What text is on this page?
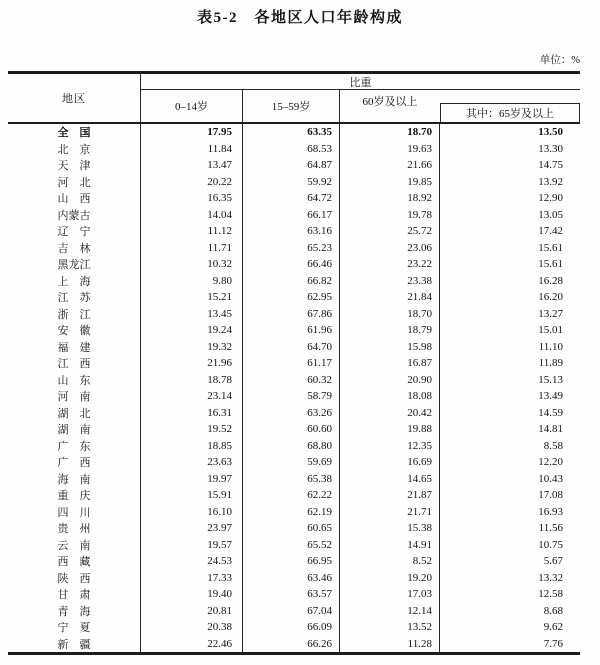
表5-2　各地区人口年龄构成
单位：%
地区
比重
0–14岁	15–59岁	60岁及以上
其中：65岁及以上
全　国	17.95	63.35	18.70	13.50
北　京	11.84	68.53	19.63	13.30
天　津	13.47	64.87	21.66	14.75
河　北	20.22	59.92	19.85	13.92
山　西	16.35	64.72	18.92	12.90
内蒙古	14.04	66.17	19.78	13.05
辽　宁	11.12	63.16	25.72	17.42
吉　林	11.71	65.23	23.06	15.61
黑龙江	10.32	66.46	23.22	15.61
上　海	9.80	66.82	23.38	16.28
江　苏	15.21	62.95	21.84	16.20
浙　江	13.45	67.86	18.70	13.27
安　徽	19.24	61.96	18.79	15.01
福　建	19.32	64.70	15.98	11.10
江　西	21.96	61.17	16.87	11.89
山　东	18.78	60.32	20.90	15.13
河　南	23.14	58.79	18.08	13.49
湖　北	16.31	63.26	20.42	14.59
湖　南	19.52	60.60	19.88	14.81
广　东	18.85	68.80	12.35	8.58
广　西	23.63	59.69	16.69	12.20
海　南	19.97	65.38	14.65	10.43
重　庆	15.91	62.22	21.87	17.08
四　川	16.10	62.19	21.71	16.93
贵　州	23.97	60.65	15.38	11.56
云　南	19.57	65.52	14.91	10.75
西　藏	24.53	66.95	8.52	5.67
陕　西	17.33	63.46	19.20	13.32
甘　肃	19.40	63.57	17.03	12.58
青　海	20.81	67.04	12.14	8.68
宁　夏	20.38	66.09	13.52	9.62
新　疆	22.46	66.26	11.28	7.76
